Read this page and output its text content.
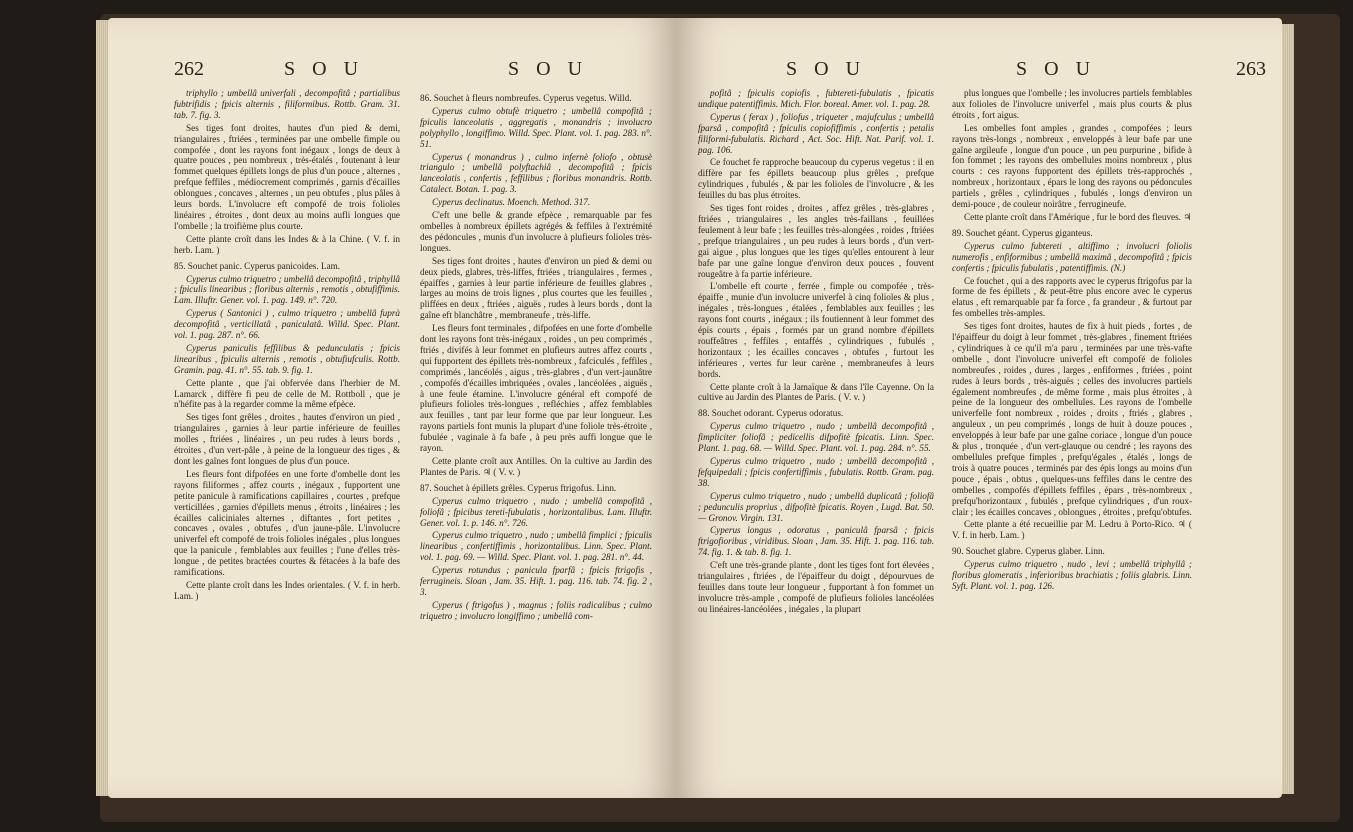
262	S O U	S O U

triphyllo ; umbellâ univerfali , decompofitâ ; partialibus fubtrifidis ; fpicis alternis , filiformibus. Rottb. Gram. 31. tab. 7. fig. 3.

Ses tiges font droites, hautes d'un pied & demi, triangulaires , ftriées , terminées par une ombelle fimple ou compofée , dont les rayons font inégaux , longs de deux à quatre pouces , peu nombreux , très-étalés , foutenant à leur fommet quelques épillets longs de plus d'un pouce , alternes , prefque feffiles , médiocrement comprimés , garnis d'écailles oblongues , concaves , alternes , un peu obtufes , plus pâles à leurs bords. L'involucre eft compofé de trois folioles linéaires , étroites , dont deux au moins aufli longues que l'ombelle ; la troifième plus courte.

Cette plante croît dans les Indes & à la Chine. ( V. f. in herb. Lam. )

85. Souchet panic. Cyperus panicoides. Lam.

Cyperus culmo triquetro ; umbellâ decompofitâ , triphyllâ ; fpiculis linearibus ; floribus alternis , remotis , obtufiffimis. Lam. Illuftr. Gener. vol. 1. pag. 149. n°. 720.

Cyperus ( Santonici ) , culmo triquetro ; umbellâ fuprà decompofitâ , verticillatâ , paniculatâ. Willd. Spec. Plant. vol. 1. pag. 287. n°. 66.

Cyperus paniculis feffilibus & pedunculatis ; fpicis linearibus , fpiculis alternis , remotis , obtufiufculis. Rottb. Gramin. pag. 41. n°. 55. tab. 9. fig. 1.

Cette plante , que j'ai obfervée dans l'herbier de M. Lamarck , diffère fi peu de celle de M. Rottboll , que je n'héfite pas à la regarder comme la même efpèce.

Ses tiges font grêles , droites , hautes d'environ un pied , triangulaires , garnies à leur partie inférieure de feuilles molles , ftriées , linéaires , un peu rudes à leurs bords , étroites , d'un vert-pâle , à peine de la longueur des tiges , & dont les gaînes font longues de plus d'un pouce.

Les fleurs font difpofées en une forte d'ombelle dont les rayons filiformes , affez courts , inégaux , fupportent une petite panicule à ramifications capillaires , courtes , prefque verticillées , garnies d'épillets menus , étroits , linéaires ; les écailles caliciniales alternes , diftantes , fort petites , concaves , ovales , obtufes , d'un jaune-pâle. L'involucre univerfel eft compofé de trois folioles inégales , plus longues que la panicule , femblables aux feuilles ; l'une d'elles très-longue , de petites bractées courtes & fétacées à la bafe des ramifications.

Cette plante croît dans les Indes orientales. ( V. f. in herb. Lam. )

86. Souchet à fleurs nombreufes. Cyperus vegetus. Willd.

Cyperus culmo obtufè triquetro ; umbellâ compofitâ ; fpiculis lanceolatis , aggregatis , monandris ; involucro polyphyllo , longiffimo. Willd. Spec. Plant. vol. 1. pag. 283. n°. 51.

Cyperus ( monandrus ) , culmo infernè foliofo , obtusè triangulo ; umbellâ polyftachiâ , decompofitâ ; fpicis lanceolatis , confertis , feffilibus ; floribus monandris. Rottb. Catalect. Botan. 1. pag. 3.

Cyperus declinatus. Moench. Method. 317.

C'eft une belle & grande efpèce , remarquable par fes ombelles à nombreux épillets agrégés & feffiles à l'extrémité des pédoncules , munis d'un involucre à plufieurs folioles très-longues.

Ses tiges font droites , hautes d'environ un pied & demi ou deux pieds, glabres, très-liffes, ftriées , triangulaires , fermes , épaiffes , garnies à leur partie inférieure de feuilles glabres , larges au moins de trois lignes , plus courtes que les feuilles , pliffées en deux , ftriées , aiguës , rudes à leurs bords , dont la gaîne eft blanchâtre , membraneufe , très-liffe.

Les fleurs font terminales , difpofées en une forte d'ombelle dont les rayons font très-inégaux , roides , un peu comprimés , ftriés , divifés à leur fommet en plufieurs autres affez courts , qui fupportent des épillets très-nombreux , fafciculés , feffiles , comprimés , lancéolés , aigus , très-glabres , d'un vert-jaunâtre , compofés d'écailles imbriquées , ovales , lancéolées , aiguës , à une feule étamine. L'involucre général eft compofé de plufieurs folioles très-longues , refléchies , affez femblables aux feuilles , tant par leur forme que par leur longueur. Les rayons partiels font munis la plupart d'une foliole très-étroite , fubulée , vaginale à fa bafe , à peu près auffi longue que le rayon.

Cette plante croît aux Antilles. On la cultive au Jardin des Plantes de Paris. ♃ ( V. v. )

87. Souchet à épillets grêles. Cyperus ftrigofus. Linn.

Cyperus culmo triquetro , nudo ; umbellâ compofitâ , foliofâ ; fpicibus tereti-fubulatis , horizontalibus. Lam. Illuftr. Gener. vol. 1. p. 146. n°. 726.

Cyperus culmo triquetro , nudo ; umbellâ fimplici ; fpiculis linearibus , confertiffimis , horizontalibus. Linn. Spec. Plant. vol. 1. pag. 69. — Willd. Spec. Plant. vol. 1. pag. 281. n°. 44.

Cyperus rotundus ; panicula fparfâ ; fpicis ftrigofis , ferrugineis. Sloan , Jam. 35. Hift. 1. pag. 116. tab. 74. fig. 2 , 3.

Cyperus ( ftrigofus ) , magnus ; foliis radicalibus ; culmo triquetro ; involucro longiffimo ; umbellâ com-

S O U	S O U	263

pofitâ ; fpiculis copiofis , fubtereti-fubulatis , fpicatis undique patentiffimis. Mich. Flor. boreal. Amer. vol. 1. pag. 28.

Cyperus ( ferax ) , foliofus , triqueter , majufculus ; umbellâ fparsâ , compofitâ ; fpiculis copiofiffimis , confertis ; petalis filiformi-fubulatis. Richard , Act. Soc. Hift. Nat. Parif. vol. 1. pag. 106.

Ce fouchet fe rapproche beaucoup du cyperus vegetus : il en diffère par fes épillets beaucoup plus grêles , prefque cylindriques , fubulés , & par les folioles de l'involucre , & les feuilles du bas plus étroites.

Ses tiges font roides , droites , affez grêles , très-glabres , ftriées , triangulaires , les angles très-faillans , feuillées feulement à leur bafe ; les feuilles très-alongées , roides , ftriées , prefque triangulaires , un peu rudes à leurs bords , d'un vert-gai aigue , plus longues que les tiges qu'elles entourent à leur bafe par une gaîne longue d'environ deux pouces , fouvent rougeâtre à fa partie inférieure.

L'ombelle eft courte , ferrée , fimple ou compofée , très-épaiffe , munie d'un involucre univerfel à cinq folioles & plus , inégales , très-longues , étalées , femblables aux feuilles ; les rayons font courts , inégaux ; ils foutiennent à leur fommet des épis courts , épais , formés par un grand nombre d'épillets rouffeâtres , feffiles , entaffés , cylindriques , fubulés , horizontaux ; les écailles concaves , obtufes , furtout les inférieures , vertes fur leur carène , membraneufes à leurs bords.

Cette plante croît à la Jamaïque & dans l'île Cayenne. On la cultive au Jardin des Plantes de Paris. ( V. v. )

88. Souchet odorant. Cyperus odoratus.

Cyperus culmo triquetro , nudo ; umbellâ decompofitâ , fimpliciter foliofâ ; pedicellis difpofitè fpicatis. Linn. Spec. Plant. 1. pag. 68. — Willd. Spec. Plant. vol. 1. pag. 284. n°. 55.

Cyperus culmo triquetro , nudo ; umbellâ decompofitâ , fefquipedali ; fpicis confertiffimis , fubulatis. Rottb. Gram. pag. 38.

Cyperus culmo triquetro , nudo ; umbellâ duplicatâ ; foliofâ ; pedunculis proprius , difpofitè fpicatis. Royen , Lugd. Bat. 50. — Gronov. Virgin. 131.

Cyperus longus , odoratus , paniculâ fparsâ ; fpicis ftrigofioribus , viridibus. Sloan , Jam. 35. Hift. 1. pag. 116. tab. 74. fig. 1. & tab. 8. fig. 1.

C'eft une très-grande plante , dont les tiges font fort élevées , triangulaires , ftriées , de l'épaiffeur du doigt , dépourvues de feuilles dans toute leur longueur , fupportant à fon fommet un involucre très-ample , compofé de plufieurs folioles lancéolées ou linéaires-lancéolées , inégales , la plupart

plus longues que l'ombelle ; les involucres partiels femblables aux folioles de l'involucre univerfel , mais plus courts & plus étroits , fort aigus.

Les ombelles font amples , grandes , compofées ; leurs rayons très-longs , nombreux , enveloppés à leur bafe par une gaîne argileufe , longue d'un pouce , un peu purpurine , bifide à fon fommet ; les rayons des ombellules moins nombreux , plus courts : ces rayons fupportent des épillets très-rapprochés , nombreux , horizontaux , épars le long des rayons ou pédoncules partiels , grêles , cylindriques , fubulés , longs d'environ un demi-pouce , de couleur noirâtre , ferrugineufe.

Cette plante croît dans l'Amérique , fur le bord des fleuves. ♃

89. Souchet géant. Cyperus giganteus.

Cyperus culmo fubtereti , altiffimo ; involucri foliolis numerofis , enfiformibus ; umbellâ maximâ , decompofitâ ; fpicis confertis ; fpiculis fubulatis , patentiffimis. (N.)

Ce fouchet , qui a des rapports avec le cyperus ftrigofus par la forme de fes épillets , & peut-être plus encore avec le cyperus elatus , eft remarquable par fa force , fa grandeur , & furtout par fes ombelles très-amples.

Ses tiges font droites, hautes de fix à huit pieds , fortes , de l'épaiffeur du doigt à leur fommet , très-glabres , finement ftriées , cylindriques à ce qu'il m'a paru , terminées par une très-vafte ombelle , dont l'involucre univerfel eft compofé de folioles nombreufes , roides , dures , larges , enfiformes , ftriées , point rudes à leurs bords , très-aiguës ; celles des involucres partiels également nombreufes , de même forme , mais plus étroites , à peine de la longueur des ombellules. Les rayons de l'ombelle univerfelle font nombreux , roides , droits , ftriés , glabres , anguleux , un peu comprimés , longs de huit à douze pouces , enveloppés à leur bafe par une gaîne coriace , longue d'un pouce & plus , tronquée , d'un vert-glauque ou cendré ; les rayons des ombellules prefque fimples , prefqu'égales , étalés , longs de trois à quatre pouces , terminés par des épis longs au moins d'un pouce , épais , obtus , quelques-uns feffiles dans le centre des ombelles , compofés d'épillets feffiles , épars , très-nombreux , prefqu'horizontaux , fubulés , prefque cylindriques , d'un roux-clair ; les écailles concaves , oblongues , étroites , prefqu'obtufes.

Cette plante a été recueillie par M. Ledru à Porto-Rico. ♃ ( V. f. in herb. Lam. )

90. Souchet glabre. Cyperus glaber. Linn.

Cyperus culmo triquetro , nudo , levi ; umbellâ triphyllâ ; floribus glomeratis , inferioribus brachiatis ; foliis glabris. Linn. Syft. Plant. vol. 1. pag. 126.
